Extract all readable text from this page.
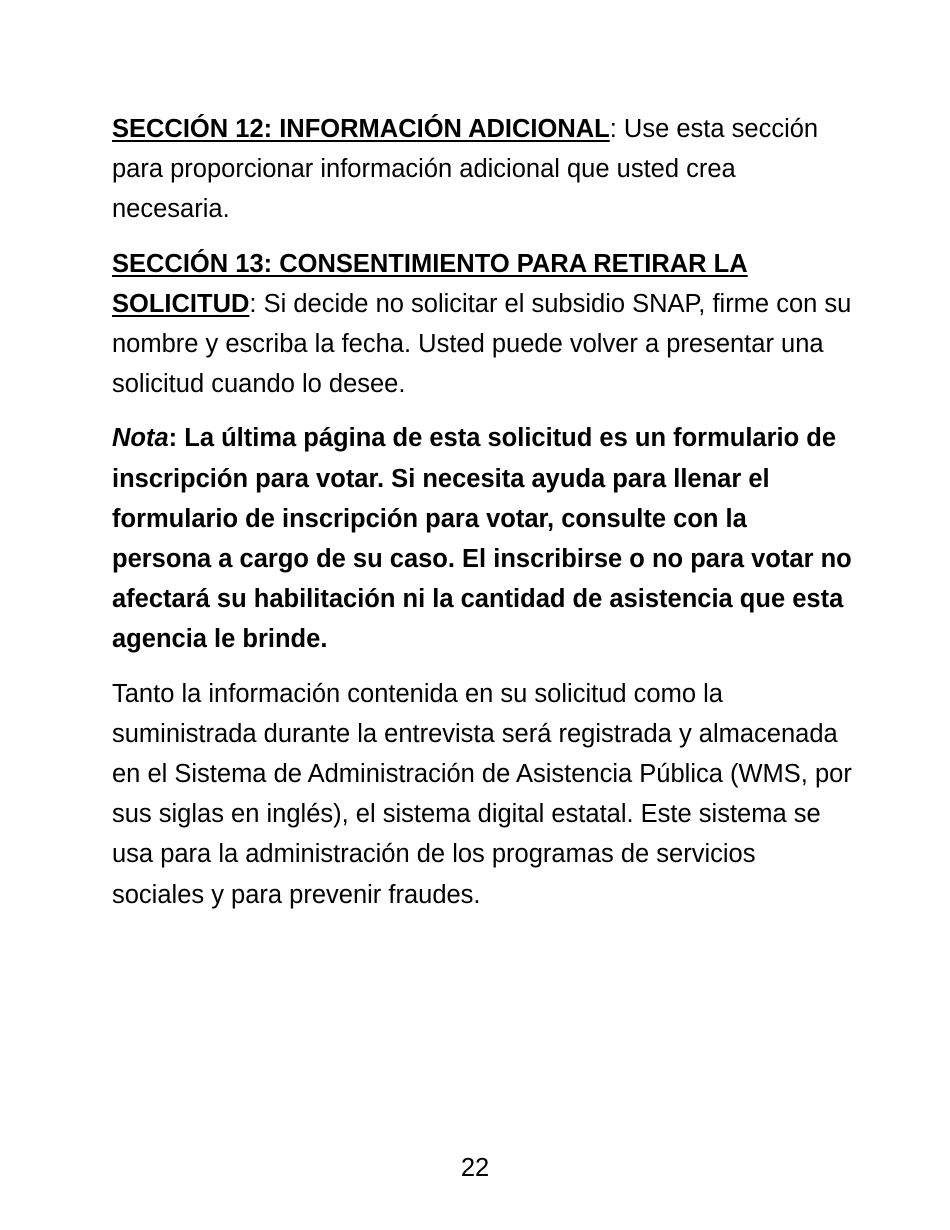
SECCIÓN 12: INFORMACIÓN ADICIONAL: Use esta sección para proporcionar información adicional que usted crea necesaria.

SECCIÓN 13: CONSENTIMIENTO PARA RETIRAR LA SOLICITUD: Si decide no solicitar el subsidio SNAP, firme con su nombre y escriba la fecha. Usted puede volver a presentar una solicitud cuando lo desee.

Nota: La última página de esta solicitud es un formulario de inscripción para votar. Si necesita ayuda para llenar el formulario de inscripción para votar, consulte con la persona a cargo de su caso. El inscribirse o no para votar no afectará su habilitación ni la cantidad de asistencia que esta agencia le brinde.

Tanto la información contenida en su solicitud como la suministrada durante la entrevista será registrada y almacenada en el Sistema de Administración de Asistencia Pública (WMS, por sus siglas en inglés), el sistema digital estatal. Este sistema se usa para la administración de los programas de servicios sociales y para prevenir fraudes.

22
